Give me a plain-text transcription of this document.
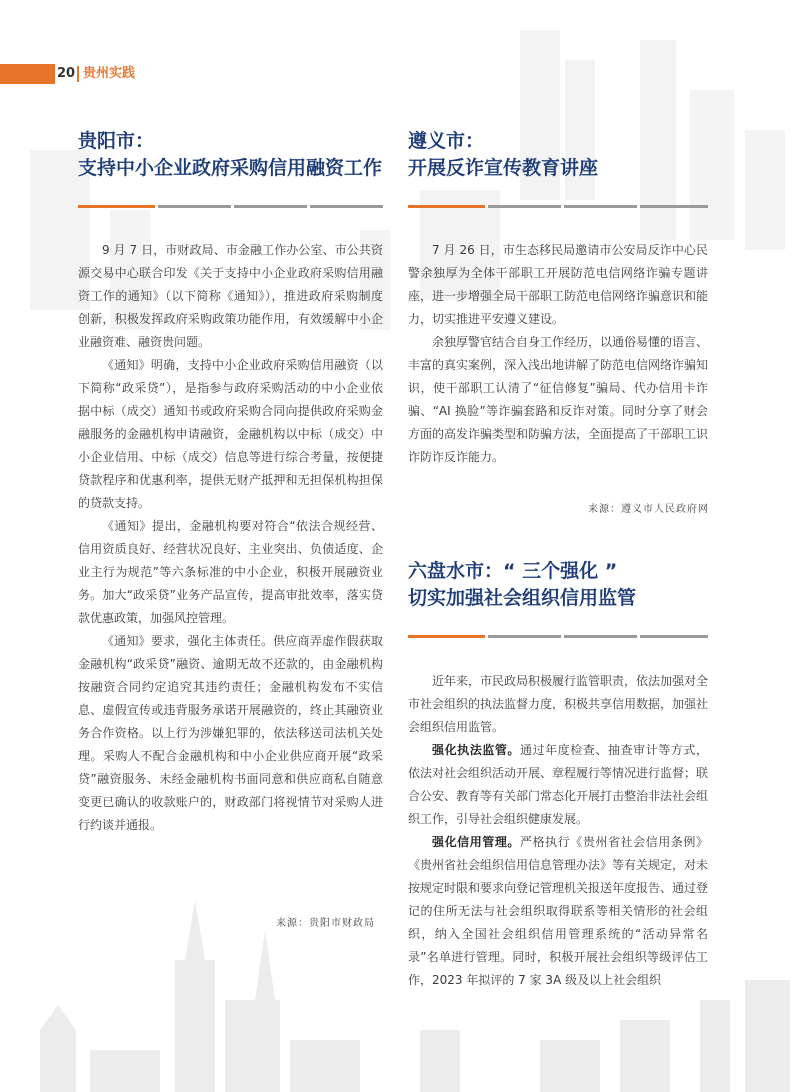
20 贵州实践
贵阳市：
支持中小企业政府采购信用融资工作

9 月 7 日，市财政局、市金融工作办公室、市公共资源交易中心联合印发《关于支持中小企业政府采购信用融资工作的通知》（以下简称《通知》），推进政府采购制度创新，积极发挥政府采购政策功能作用，有效缓解中小企业融资难、融资贵问题。

《通知》明确，支持中小企业政府采购信用融资（以下简称“政采贷”），是指参与政府采购活动的中小企业依据中标（成交）通知书或政府采购合同向提供政府采购金融服务的金融机构申请融资，金融机构以中标（成交）中小企业信用、中标（成交）信息等进行综合考量，按便捷贷款程序和优惠利率，提供无财产抵押和无担保机构担保的贷款支持。

《通知》提出，金融机构要对符合“依法合规经营、信用资质良好、经营状况良好、主业突出、负债适度、企业主行为规范”等六条标准的中小企业，积极开展融资业务。加大“政采贷”业务产品宣传，提高审批效率，落实贷款优惠政策，加强风控管理。

《通知》要求，强化主体责任。供应商弄虚作假获取金融机构“政采贷”融资、逾期无故不还款的，由金融机构按融资合同约定追究其违约责任；金融机构发布不实信息、虚假宣传或违背服务承诺开展融资的，终止其融资业务合作资格。以上行为涉嫌犯罪的，依法移送司法机关处理。采购人不配合金融机构和中小企业供应商开展“政采贷”融资服务、未经金融机构书面同意和供应商私自随意变更已确认的收款账户的，财政部门将视情节对采购人进行约谈并通报。

来源：贵阳市财政局
遵义市：
开展反诈宣传教育讲座

7 月 26 日，市生态移民局邀请市公安局反诈中心民警余独厚为全体干部职工开展防范电信网络诈骗专题讲座，进一步增强全局干部职工防范电信网络诈骗意识和能力，切实推进平安遵义建设。

余独厚警官结合自身工作经历，以通俗易懂的语言、丰富的真实案例，深入浅出地讲解了防范电信网络诈骗知识，使干部职工认清了“征信修复”骗局、代办信用卡诈骗、“AI 换脸”等诈骗套路和反诈对策。同时分享了财会方面的高发诈骗类型和防骗方法，全面提高了干部职工识诈防诈反诈能力。

来源：遵义市人民政府网
六盘水市：“ 三个强化 ”
切实加强社会组织信用监管

近年来，市民政局积极履行监管职责，依法加强对全市社会组织的执法监督力度，积极共享信用数据，加强社会组织信用监管。

强化执法监管。通过年度检查、抽查审计等方式，依法对社会组织活动开展、章程履行等情况进行监督；联合公安、教育等有关部门常态化开展打击整治非法社会组织工作，引导社会组织健康发展。

强化信用管理。严格执行《贵州省社会信用条例》《贵州省社会组织信用信息管理办法》等有关规定，对未按规定时限和要求向登记管理机关报送年度报告、通过登记的住所无法与社会组织取得联系等相关情形的社会组织，纳入全国社会组织信用管理系统的“活动异常名录”名单进行管理。同时，积极开展社会组织等级评估工作，2023 年拟评的 7 家 3A 级及以上社会组织
